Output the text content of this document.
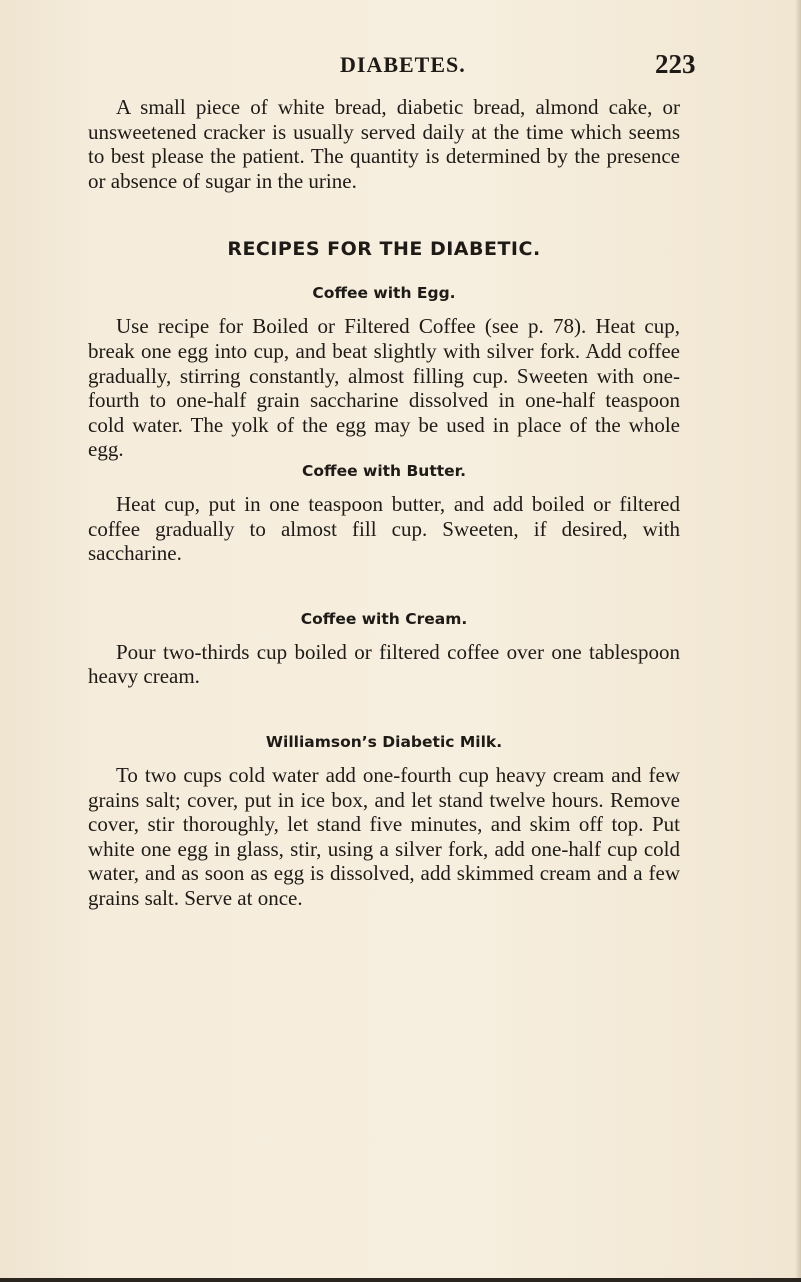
DIABETES.	223

A small piece of white bread, diabetic bread, almond cake, or unsweetened cracker is usually served daily at the time which seems to best please the patient. The quantity is determined by the presence or absence of sugar in the urine.

RECIPES FOR THE DIABETIC.
Coffee with Egg.

Use recipe for Boiled or Filtered Coffee (see p. 78). Heat cup, break one egg into cup, and beat slightly with silver fork. Add coffee gradually, stirring constantly, almost filling cup. Sweeten with one-fourth to one-half grain saccharine dissolved in one-half teaspoon cold water. The yolk of the egg may be used in place of the whole egg.

Coffee with Butter.

Heat cup, put in one teaspoon butter, and add boiled or filtered coffee gradually to almost fill cup. Sweeten, if desired, with saccharine.

Coffee with Cream.

Pour two-thirds cup boiled or filtered coffee over one tablespoon heavy cream.

Williamson’s Diabetic Milk.

To two cups cold water add one-fourth cup heavy cream and few grains salt; cover, put in ice box, and let stand twelve hours. Remove cover, stir thoroughly, let stand five minutes, and skim off top. Put white one egg in glass, stir, using a silver fork, add one-half cup cold water, and as soon as egg is dissolved, add skimmed cream and a few grains salt. Serve at once.
